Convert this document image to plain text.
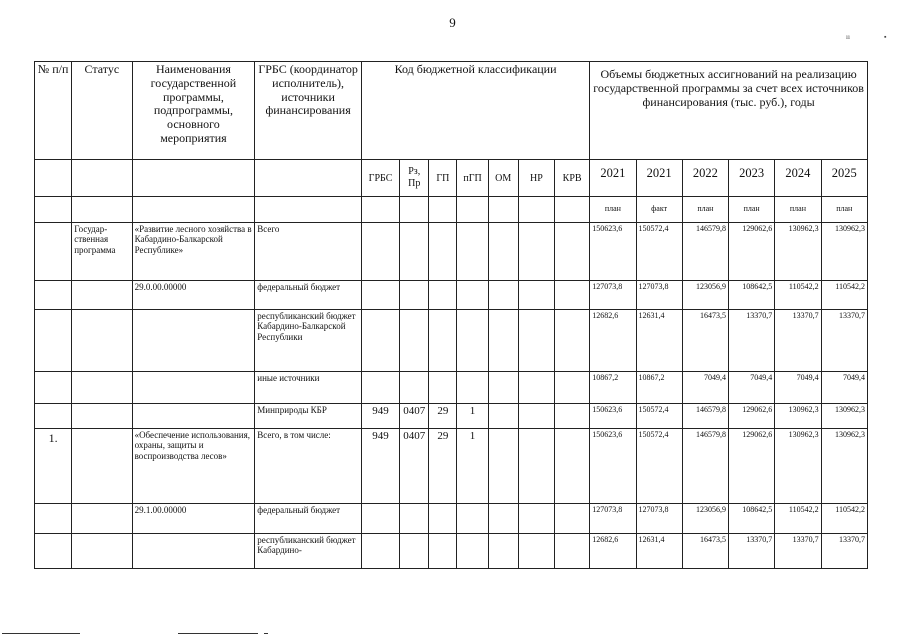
9
ıı	▪
№ п/п	Статус	Наименования государственной программы, подпрограммы, основного мероприятия	ГРБС (координатор исполнитель), источники финансирования	Код бюджетной классификации							Объемы бюджетных ассигнований на реализацию государственной программы за счет всех источников финансирования (тыс. руб.), годы					
				ГРБС	Рз, Пр	ГП	пГП	ОМ	НР	КРВ	2021	2021	2022	2023	2024	2025
											план	факт	план	план	план	план
	Государ-ственная программа	«Развитие лесного хозяйства в Кабардино-Балкарской Республике»	Всего								150623,6	150572,4	146579,8	129062,6	130962,3	130962,3
		29.0.00.00000	федеральный бюджет								127073,8	127073,8	123056,9	108642,5	110542,2	110542,2
			республиканский бюджет Кабардино-Балкарской Республики								12682,6	12631,4	16473,5	13370,7	13370,7	13370,7
			иные источники								10867,2	10867,2	7049,4	7049,4	7049,4	7049,4
			Минприроды КБР	949	0407	29	1				150623,6	150572,4	146579,8	129062,6	130962,3	130962,3
1.		«Обеспечение использования, охраны, защиты и воспроизводства лесов»	Всего, в том числе:	949	0407	29	1				150623,6	150572,4	146579,8	129062,6	130962,3	130962,3
		29.1.00.00000	федеральный бюджет								127073,8	127073,8	123056,9	108642,5	110542,2	110542,2
			республиканский бюджет Кабардино-								12682,6	12631,4	16473,5	13370,7	13370,7	13370,7
